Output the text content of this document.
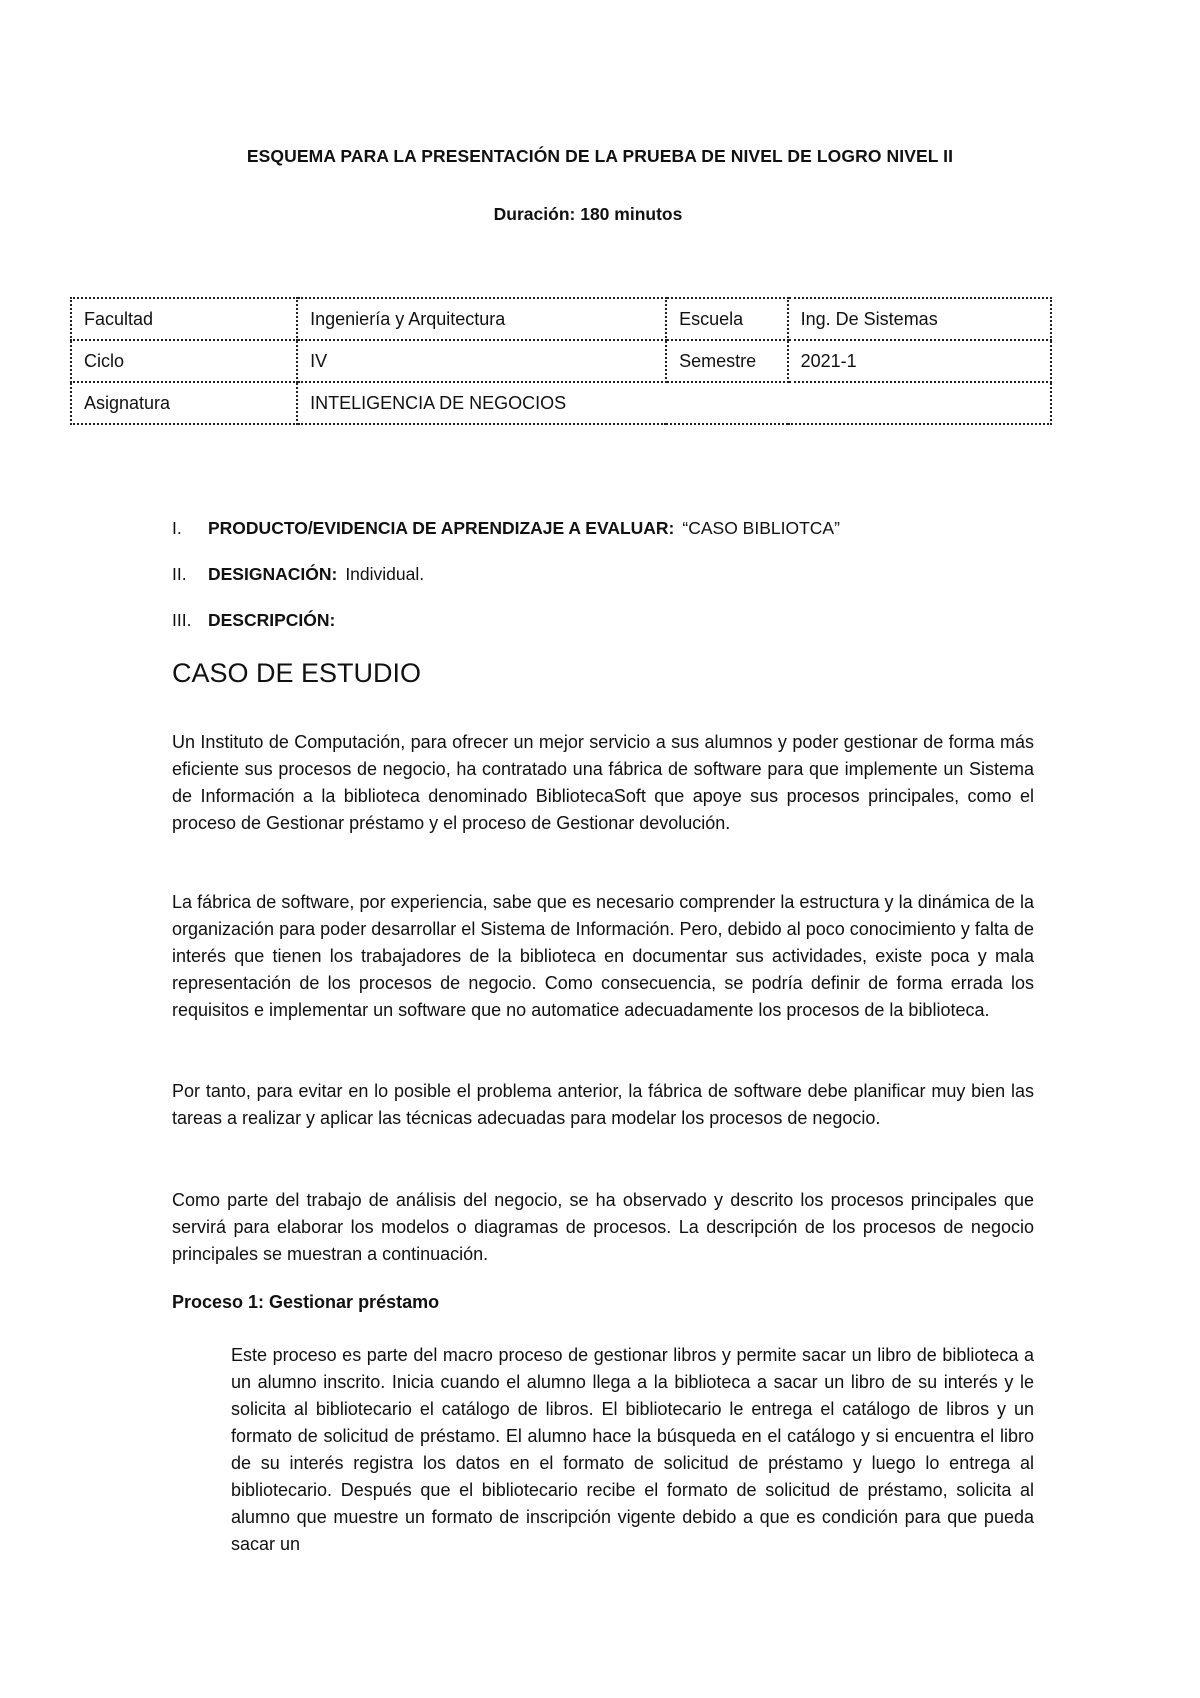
ESQUEMA PARA LA PRESENTACIÓN DE LA PRUEBA DE NIVEL DE LOGRO NIVEL II
Duración: 180 minutos
Facultad	Ingeniería y Arquitectura	Escuela	Ing. De Sistemas
Ciclo	IV	Semestre	2021-1
Asignatura	INTELIGENCIA DE NEGOCIOS		
I.	PRODUCTO/EVIDENCIA DE APRENDIZAJE A EVALUAR: “CASO BIBLIOTCA”
II.	DESIGNACIÓN: Individual.
III. DESCRIPCIÓN:
CASO DE ESTUDIO
Un Instituto de Computación, para ofrecer un mejor servicio a sus alumnos y poder gestionar de forma más eficiente sus procesos de negocio, ha contratado una fábrica de software para que implemente un Sistema de Información a la biblioteca denominado BibliotecaSoft que apoye sus procesos principales, como el proceso de Gestionar préstamo y el proceso de Gestionar devolución.
La fábrica de software, por experiencia, sabe que es necesario comprender la estructura y la dinámica de la organización para poder desarrollar el Sistema de Información. Pero, debido al poco conocimiento y falta de interés que tienen los trabajadores de la biblioteca en documentar sus actividades, existe poca y mala representación de los procesos de negocio. Como consecuencia, se podría definir de forma errada los requisitos e implementar un software que no automatice adecuadamente los procesos de la biblioteca.
Por tanto, para evitar en lo posible el problema anterior, la fábrica de software debe planificar muy bien las tareas a realizar y aplicar las técnicas adecuadas para modelar los procesos de negocio.
Como parte del trabajo de análisis del negocio, se ha observado y descrito los procesos principales que servirá para elaborar los modelos o diagramas de procesos. La descripción de los procesos de negocio principales se muestran a continuación.
Proceso 1: Gestionar préstamo
Este proceso es parte del macro proceso de gestionar libros y permite sacar un libro de biblioteca a un alumno inscrito. Inicia cuando el alumno llega a la biblioteca a sacar un libro de su interés y le solicita al bibliotecario el catálogo de libros. El bibliotecario le entrega el catálogo de libros y un formato de solicitud de préstamo. El alumno hace la búsqueda en el catálogo y si encuentra el libro de su interés registra los datos en el formato de solicitud de préstamo y luego lo entrega al bibliotecario. Después que el bibliotecario recibe el formato de solicitud de préstamo, solicita al alumno que muestre un formato de inscripción vigente debido a que es condición para que pueda sacar un
